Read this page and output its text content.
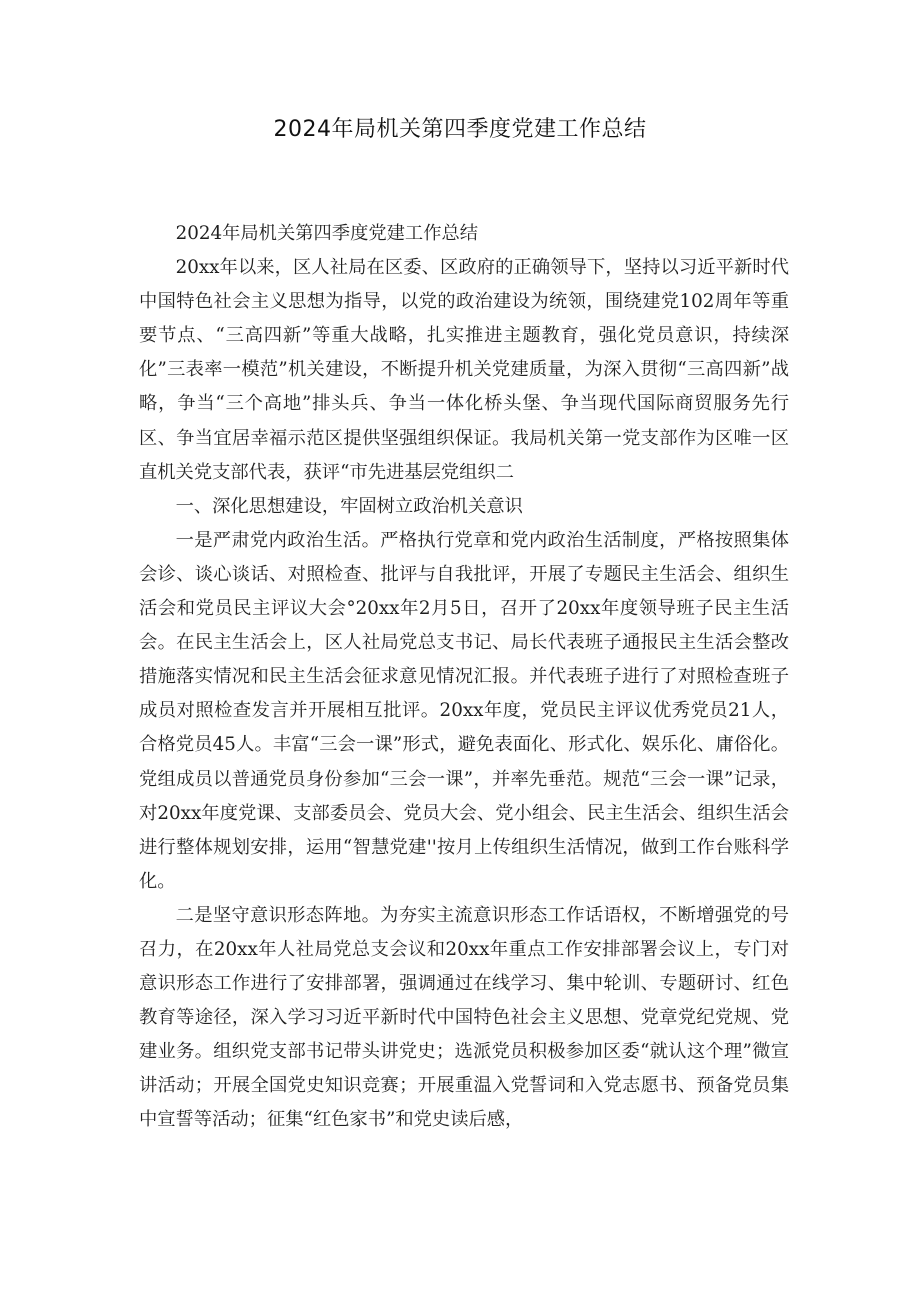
2024年局机关第四季度党建工作总结

2024年局机关第四季度党建工作总结

20xx年以来，区人社局在区委、区政府的正确领导下，坚持以习近平新时代中国特色社会主义思想为指导，以党的政治建设为统领，围绕建党102周年等重要节点、“三高四新”等重大战略，扎实推进主题教育，强化党员意识，持续深化”三表率一模范”机关建设，不断提升机关党建质量，为深入贯彻“三高四新”战略，争当“三个高地”排头兵、争当一体化桥头堡、争当现代国际商贸服务先行区、争当宜居幸福示范区提供坚强组织保证。我局机关第一党支部作为区唯一区直机关党支部代表，获评“市先进基层党组织二

一、深化思想建设，牢固树立政治机关意识

一是严肃党内政治生活。严格执行党章和党内政治生活制度，严格按照集体会诊、谈心谈话、对照检查、批评与自我批评，开展了专题民主生活会、组织生活会和党员民主评议大会°20xx年2月5日，召开了20xx年度领导班子民主生活会。在民主生活会上，区人社局党总支书记、局长代表班子通报民主生活会整改措施落实情况和民主生活会征求意见情况汇报。并代表班子进行了对照检查班子成员对照检查发言并开展相互批评。20xx年度，党员民主评议优秀党员21人，合格党员45人。丰富“三会一课”形式，避免表面化、形式化、娱乐化、庸俗化。党组成员以普通党员身份参加“三会一课”，并率先垂范。规范“三会一课”记录，对20xx年度党课、支部委员会、党员大会、党小组会、民主生活会、组织生活会进行整体规划安排，运用“智慧党建''按月上传组织生活情况，做到工作台账科学化。

二是坚守意识形态阵地。为夯实主流意识形态工作话语权，不断增强党的号召力，在20xx年人社局党总支会议和20xx年重点工作安排部署会议上，专门对意识形态工作进行了安排部署，强调通过在线学习、集中轮训、专题研讨、红色教育等途径，深入学习习近平新时代中国特色社会主义思想、党章党纪党规、党建业务。组织党支部书记带头讲党史；选派党员积极参加区委“就认这个理”微宣讲活动；开展全国党史知识竞赛；开展重温入党誓词和入党志愿书、预备党员集中宣誓等活动；征集“红色家书”和党史读后感，
